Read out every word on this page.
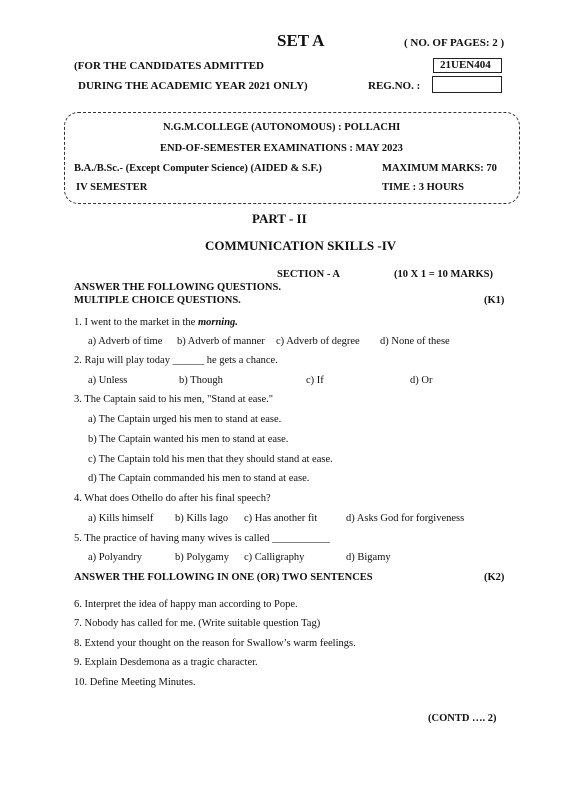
SET A	( NO. OF PAGES: 2 )
(FOR THE CANDIDATES ADMITTED	21UEN404
DURING THE ACADEMIC YEAR 2021 ONLY)	REG.NO. :
N.G.M.COLLEGE (AUTONOMOUS) : POLLACHI
END-OF-SEMESTER EXAMINATIONS : MAY 2023
B.A./B.Sc.- (Except Computer Science) (AIDED & S.F.)	MAXIMUM MARKS: 70
IV SEMESTER	TIME : 3 HOURS
PART - II
COMMUNICATION SKILLS -IV
SECTION - A	(10 X 1 = 10 MARKS)
ANSWER THE FOLLOWING QUESTIONS.
MULTIPLE CHOICE QUESTIONS.	(K1)
1. I went to the market in the morning.
a) Adverb of time b) Adverb of manner c) Adverb of degree d) None of these
2. Raju will play today ______ he gets a chance.
a) Unless	b) Though	c) If	d) Or
3. The Captain said to his men, "Stand at ease."
a) The Captain urged his men to stand at ease.
b) The Captain wanted his men to stand at ease.
c) The Captain told his men that they should stand at ease.
d) The Captain commanded his men to stand at ease.
4. What does Othello do after his final speech?
a) Kills himself b) Kills Iago c) Has another fit	d) Asks God for forgiveness
5. The practice of having many wives is called ___________
a) Polyandry	b) Polygamy c) Calligraphy	d) Bigamy
ANSWER THE FOLLOWING IN ONE (OR) TWO SENTENCES	(K2)
6. Interpret the idea of happy man according to Pope.
7. Nobody has called for me. (Write suitable question Tag)
8. Extend your thought on the reason for Swallow’s warm feelings.
9. Explain Desdemona as a tragic character.
10. Define Meeting Minutes.
(CONTD …. 2)
